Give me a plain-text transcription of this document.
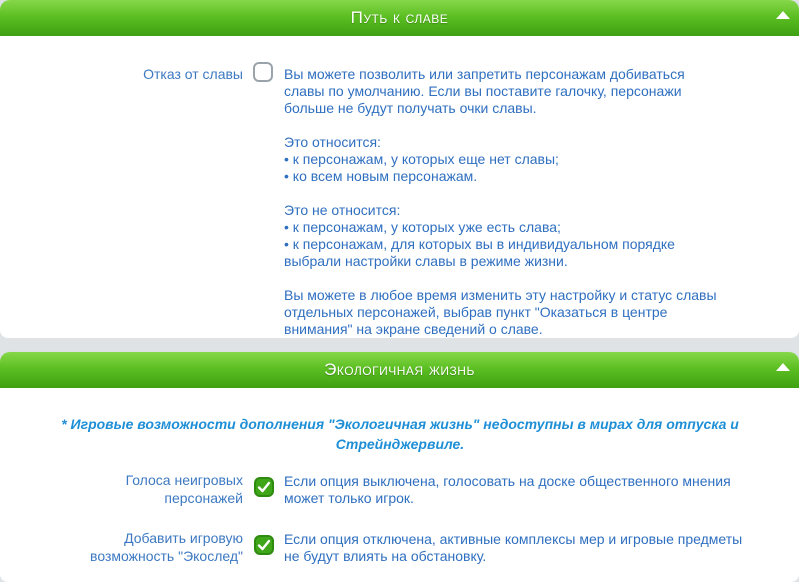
Путь к славе
Отказ от славы	Вы можете позволить или запретить персонажам добиваться
славы по умолчанию. Если вы поставите галочку, персонажи
больше не будут получать очки славы.

Это относится:
• к персонажам, у которых еще нет славы;
• ко всем новым персонажам.

Это не относится:
• к персонажам, у которых уже есть слава;
• к персонажам, для которых вы в индивидуальном порядке
выбрали настройки славы в режиме жизни.

Вы можете в любое время изменить эту настройку и статус славы
отдельных персонажей, выбрав пункт "Оказаться в центре
внимания" на экране сведений о славе.

Экологичная жизнь
* Игровые возможности дополнения "Экологичная жизнь" недоступны в мирах для отпуска и Стрейнджервиле.
Голоса неигровых персонажей
Если опция выключена, голосовать на доске общественного мнения может только игрок.
Добавить игровую возможность "Экослед"
Если опция отключена, активные комплексы мер и игровые предметы не будут влиять на обстановку.
